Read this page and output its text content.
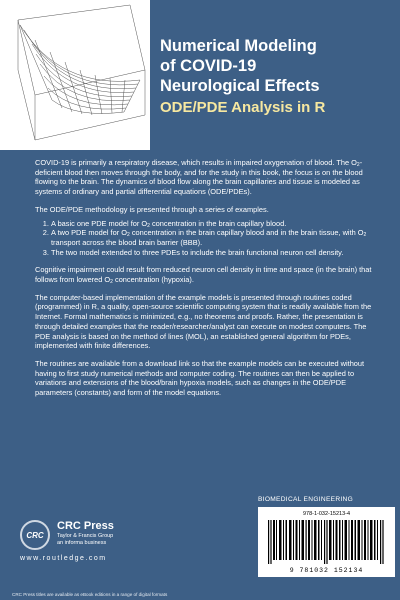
Numerical Modeling
of COVID-19
Neurological Effects
ODE/PDE Analysis in R

COVID-19 is primarily a respiratory disease, which results in impaired oxygenation of blood. The $O_2$-deficient blood then moves through the body, and for the study in this book, the focus is on the blood flowing to the brain. The dynamics of blood flow along the brain capillaries and tissue is modeled as systems of ordinary and partial differential equations (ODE/PDEs).

The ODE/PDE methodology is presented through a series of examples.

1. A basic one PDE model for $O_2$ concentration in the brain capillary blood.
2. A two PDE model for $O_2$ concentration in the brain capillary blood and in the brain tissue, with $O_2$ transport across the blood brain barrier (BBB).
3. The two model extended to three PDEs to include the brain functional neuron cell density.

Cognitive impairment could result from reduced neuron cell density in time and space (in the brain) that follows from lowered $O_2$ concentration (hypoxia).

The computer-based implementation of the example models is presented through routines coded (programmed) in R, a quality, open-source scientific computing system that is readily available from the Internet. Formal mathematics is minimized, e.g., no theorems and proofs. Rather, the presentation is through detailed examples that the reader/researcher/analyst can execute on modest computers. The PDE analysis is based on the method of lines (MOL), an established general algorithm for PDEs, implemented with finite differences.

The routines are available from a download link so that the example models can be executed without having to first study numerical methods and computer coding. The routines can then be applied to variations and extensions of the blood/brain hypoxia models, such as changes in the ODE/PDE parameters (constants) and form of the model equations.

CRC
CRC Press
Taylor & Francis Group
an informa business
www.routledge.com
CRC Press titles are available as eBook editions in a range of digital formats
BIOMEDICAL ENGINEERING
978-1-032-15213-4
9 781032 152134
